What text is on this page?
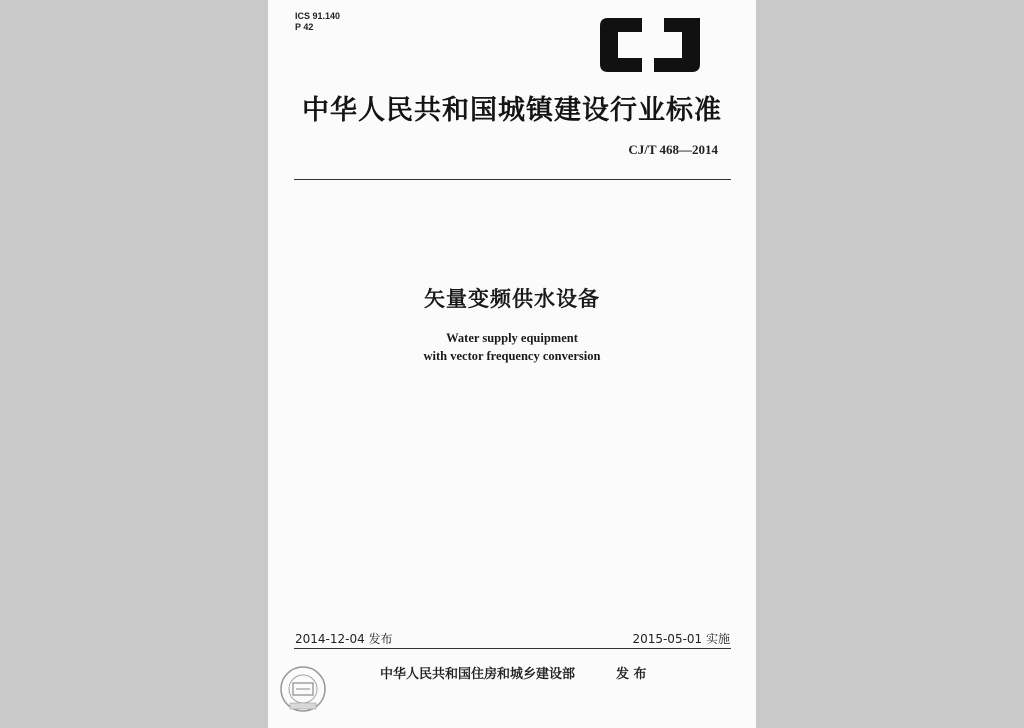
ICS 91.140
P 42
中华人民共和国城镇建设行业标准
CJ/T 468—2014
矢量变频供水设备
Water supply equipment
with vector frequency conversion
2014-12-04 发布	2015-05-01 实施
中华人民共和国住房和城乡建设部	发 布
